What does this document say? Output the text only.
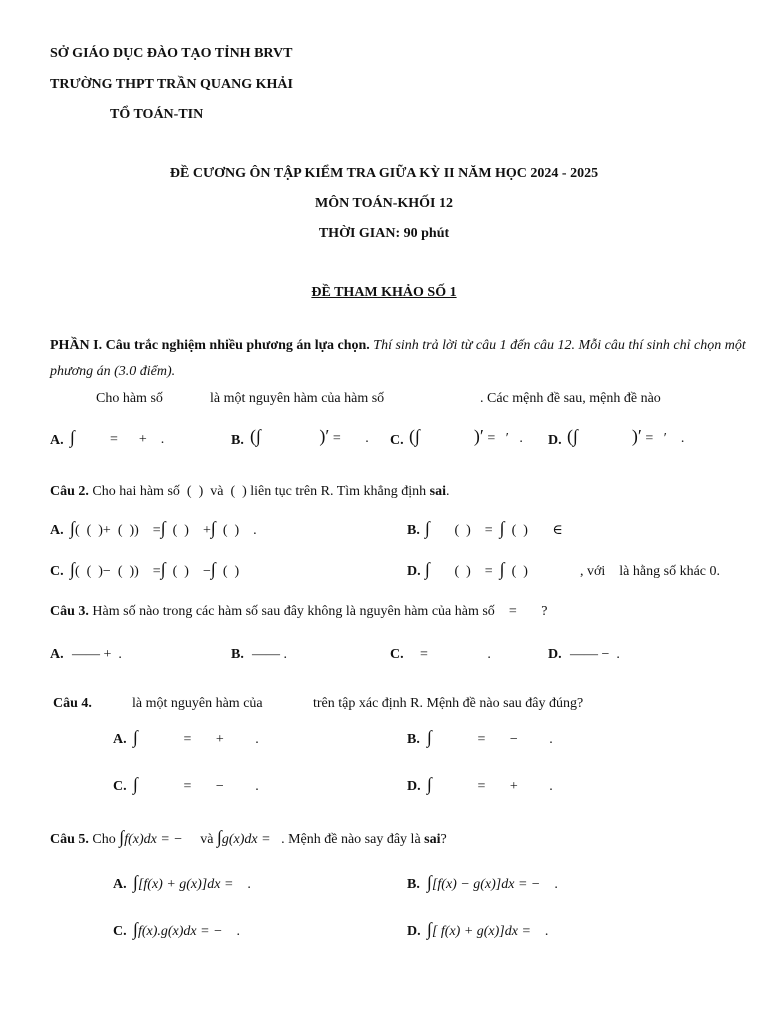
SỞ GIÁO DỤC ĐÀO TẠO TỈNH BRVT
TRƯỜNG THPT TRẦN QUANG KHẢI
TỔ TOÁN-TIN
ĐỀ CƯƠNG ÔN TẬP KIỂM TRA GIỮA KỲ II NĂM HỌC 2024 - 2025
MÔN TOÁN-KHỐI 12
THỜI GIAN: 90 phút
ĐỀ THAM KHẢO SỐ 1
PHẦN I. Câu trắc nghiệm nhiều phương án lựa chọn. Thí sinh trả lời từ câu 1 đến câu 12. Mỗi câu thí sinh chỉ chọn một phương án (3.0 điểm).
Cho hàm số	là một nguyên hàm của hàm số	. Các mệnh đề sau, mệnh đề nào
A. ∫          =      +    .	B. (∫             )′ =       . C. (∫            )′ =   ′   . D. (∫            )′ =   ′    .
Câu 2. Cho hai hàm số  (  )  và  (  ) liên tục trên R. Tìm khẳng định sai.
A. ∫(  (  )+  (  ))    =∫  (  )    +∫  (  )    .	B. ∫       (  )    =  ∫  (  )       ∈
C. ∫(  (  )−  (  ))    =∫  (  )    −∫  (  )	D. ∫       (  )    =  ∫  (  )	, với là hằng số khác 0.
Câu 3. Hàm số nào trong các hàm số sau đây không là nguyên hàm của hàm số = ?
A. —— +  .	B. —— .	C. =                 .	D. —— −  .
Câu 4.	là một nguyên hàm của	trên tập xác định R. Mệnh đề nào sau đây đúng?
A. ∫             =       +         .	B. ∫             =       −         .
C. ∫             =       −         .	D. ∫             =       +         .
Câu 5. Cho ∫f(x)dx = − và ∫g(x)dx = . Mệnh đề nào say đây là sai?
A. ∫[f(x) + g(x)]dx =    .	B. ∫[f(x) − g(x)]dx = −    .
C. ∫f(x).g(x)dx = −    .	D. ∫[ f(x) + g(x)]dx =    .
